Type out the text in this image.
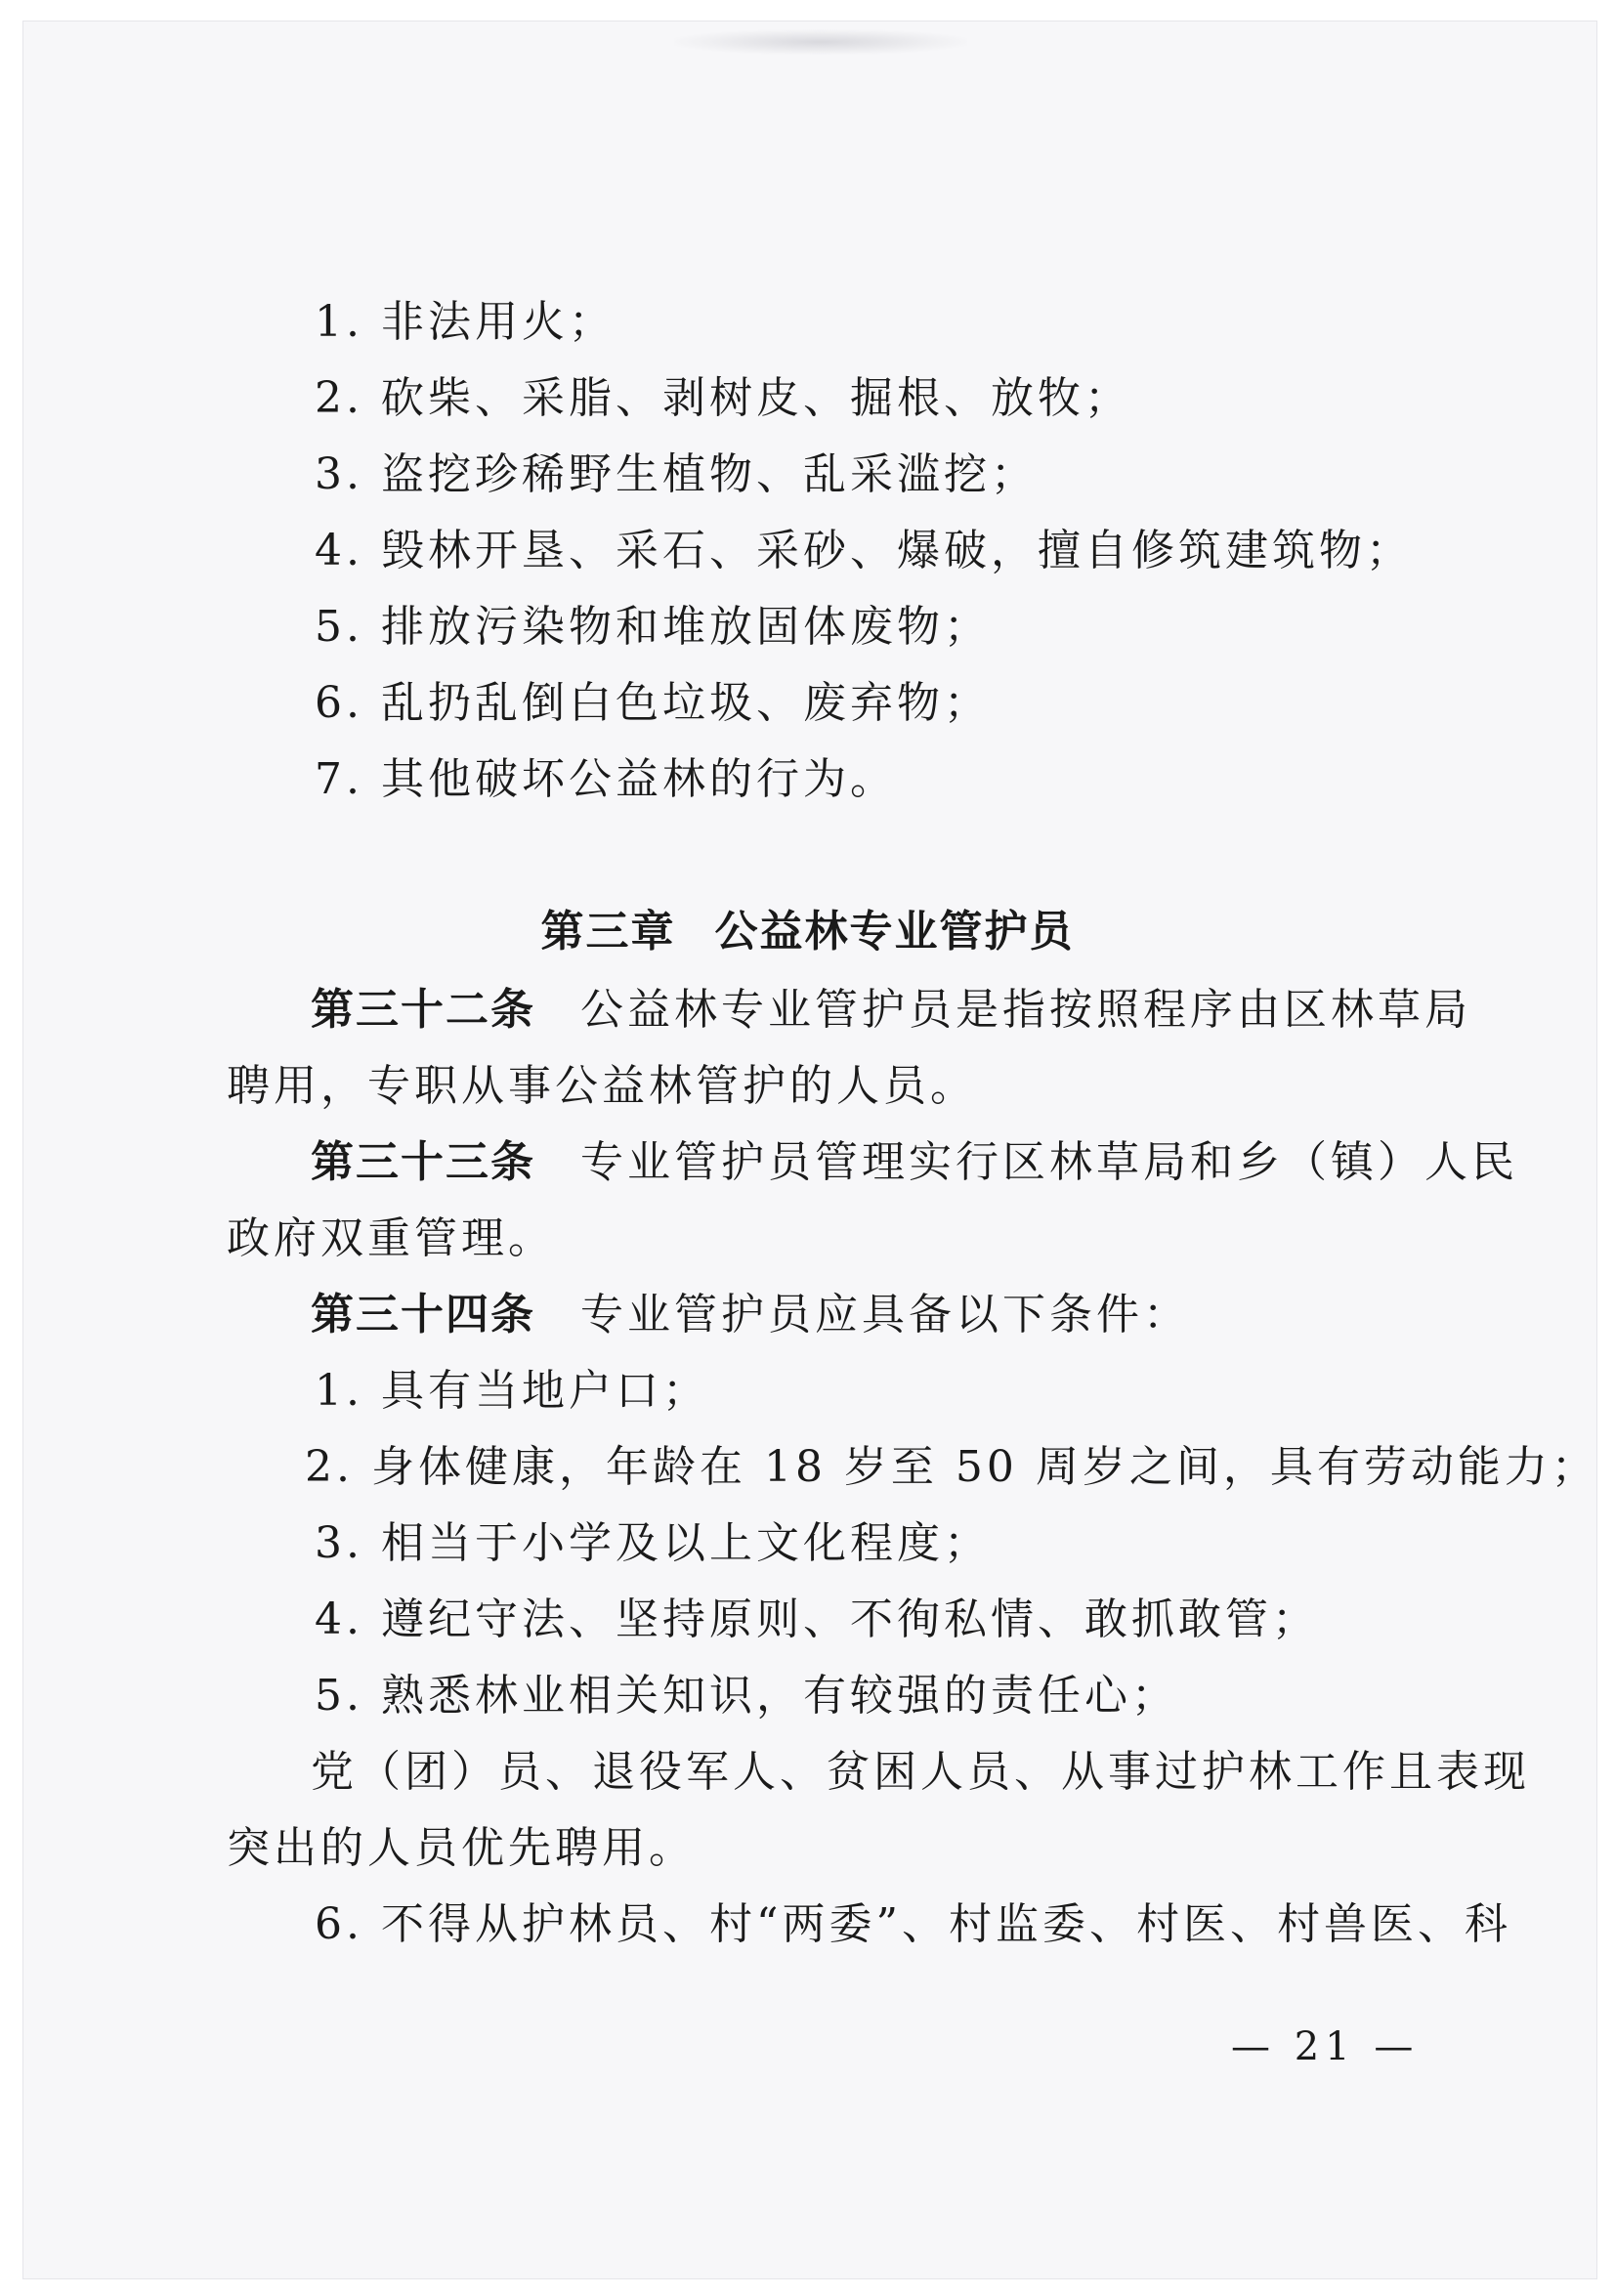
1. 非法用火；
2. 砍柴、采脂、剥树皮、掘根、放牧；
3. 盗挖珍稀野生植物、乱采滥挖；
4. 毁林开垦、采石、采砂、爆破，擅自修筑建筑物；
5. 排放污染物和堆放固体废物；
6. 乱扔乱倒白色垃圾、废弃物；
7. 其他破坏公益林的行为。
第三章 公益林专业管护员
第三十二条 公益林专业管护员是指按照程序由区林草局
聘用，专职从事公益林管护的人员。
第三十三条 专业管护员管理实行区林草局和乡（镇）人民
政府双重管理。
第三十四条 专业管护员应具备以下条件：
1. 具有当地户口；
2. 身体健康，年龄在 18 岁至 50 周岁之间，具有劳动能力；
3. 相当于小学及以上文化程度；
4. 遵纪守法、坚持原则、不徇私情、敢抓敢管；
5. 熟悉林业相关知识，有较强的责任心；
党（团）员、退役军人、贫困人员、从事过护林工作且表现
突出的人员优先聘用。
6. 不得从护林员、村“两委”、村监委、村医、村兽医、科
— 21 —
